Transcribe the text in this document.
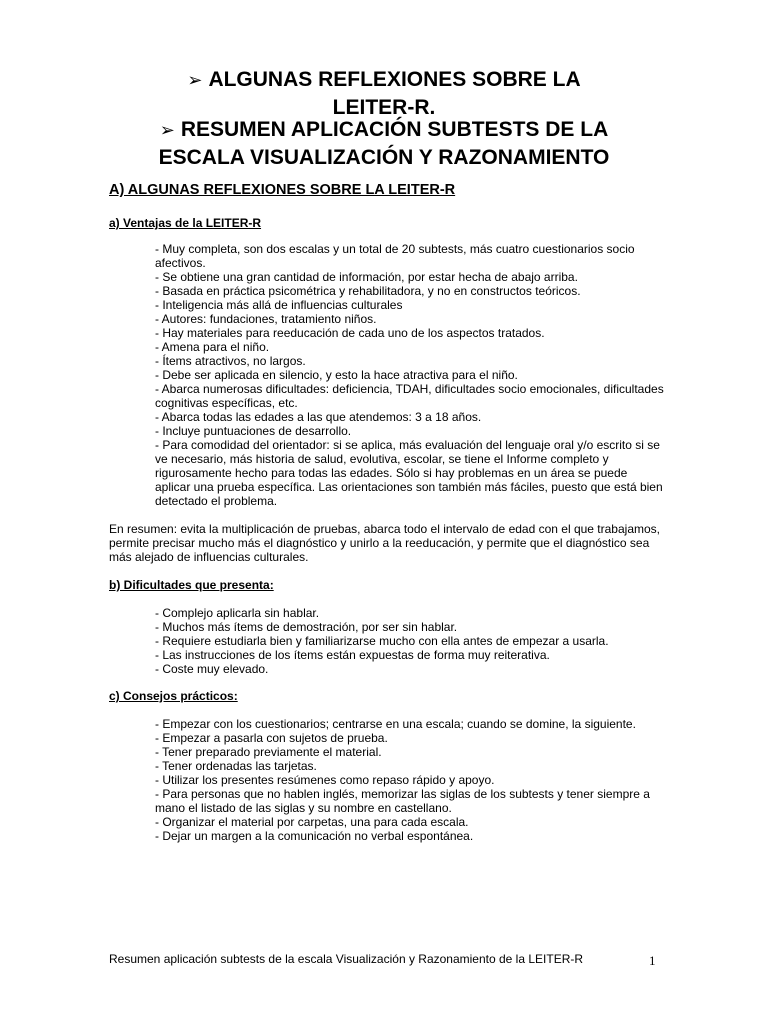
➢ ALGUNAS REFLEXIONES SOBRE LA
LEITER-R.
➢ RESUMEN APLICACIÓN SUBTESTS DE LA
ESCALA VISUALIZACIÓN Y RAZONAMIENTO
A) ALGUNAS REFLEXIONES SOBRE LA LEITER-R
a) Ventajas de la LEITER-R
- Muy completa, son dos escalas y un total de 20 subtests, más cuatro cuestionarios socio afectivos.
- Se obtiene una gran cantidad de información, por estar hecha de abajo arriba.
- Basada en práctica psicométrica y rehabilitadora, y no en constructos teóricos.
- Inteligencia más allá de influencias culturales
- Autores: fundaciones, tratamiento niños.
- Hay materiales para reeducación de cada uno de los aspectos tratados.
- Amena para el niño.
- Ítems atractivos, no largos.
- Debe ser aplicada en silencio, y esto la hace atractiva para el niño.
- Abarca numerosas dificultades: deficiencia, TDAH, dificultades socio emocionales, dificultades cognitivas específicas, etc.
- Abarca todas las edades a las que atendemos: 3 a 18 años.
- Incluye puntuaciones de desarrollo.
- Para comodidad del orientador: si se aplica, más evaluación del lenguaje oral y/o escrito si se ve necesario, más historia de salud, evolutiva, escolar, se tiene el Informe completo y rigurosamente hecho para todas las edades. Sólo si hay problemas en un área se puede aplicar una prueba específica. Las orientaciones son también más fáciles, puesto que está bien detectado el problema.

En resumen: evita la multiplicación de pruebas, abarca todo el intervalo de edad con el que trabajamos, permite precisar mucho más el diagnóstico y unirlo a la reeducación, y permite que el diagnóstico sea más alejado de influencias culturales.

b) Dificultades que presenta:
- Complejo aplicarla sin hablar.
- Muchos más ítems de demostración, por ser sin hablar.
- Requiere estudiarla bien y familiarizarse mucho con ella antes de empezar a usarla.
- Las instrucciones de los ítems están expuestas de forma muy reiterativa.
- Coste muy elevado.
c) Consejos prácticos:
- Empezar con los cuestionarios; centrarse en una escala; cuando se domine, la siguiente.
- Empezar a pasarla con sujetos de prueba.
- Tener preparado previamente el material.
- Tener ordenadas las tarjetas.
- Utilizar los presentes resúmenes como repaso rápido y apoyo.
- Para personas que no hablen inglés, memorizar las siglas de los subtests y tener siempre a mano el listado de las siglas y su nombre en castellano.
- Organizar el material por carpetas, una para cada escala.
- Dejar un margen a la comunicación no verbal espontánea.

Resumen aplicación subtests de la escala Visualización y Razonamiento de la LEITER-R	1
